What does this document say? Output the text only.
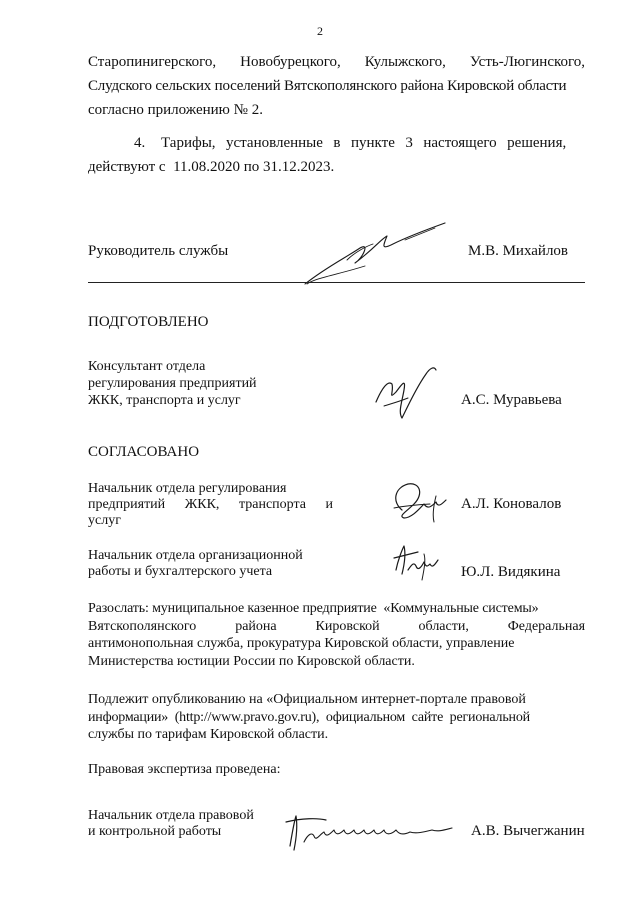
2
Старопинигерского, Новобурецкого, Кулыжского, Усть-Люгинского,
Слудского сельских поселений Вятскополянского района Кировской области
согласно приложению № 2.
4.   Тарифы,  установленные  в  пункте  3  настоящего  решения,
действуют с  11.08.2020 по 31.12.2023.
Руководитель службы	М.В. Михайлов
ПОДГОТОВЛЕНО
Консультант отдела
регулирования предприятий
ЖКК, транспорта и услуг	А.С. Муравьева
СОГЛАСОВАНО
Начальник отдела регулирования
предприятий ЖКК, транспорта и
услуг
А.Л. Коновалов
Начальник отдела организационной
работы и бухгалтерского учета	Ю.Л. Видякина
Разослать: муниципальное казенное предприятие  «Коммунальные системы»
Вятскополянского	района	Кировской	области,	Федеральная
антимонопольная служба, прокуратура Кировской области, управление
Министерства юстиции России по Кировской области.
Подлежит опубликованию на «Официальном интернет-портале правовой
информации»  (http://www.pravo.gov.ru),  официальном  сайте  региональной
службы по тарифам Кировской области.
Правовая экспертиза проведена:
Начальник отдела правовой
и контрольной работы	А.В. Вычегжанин
